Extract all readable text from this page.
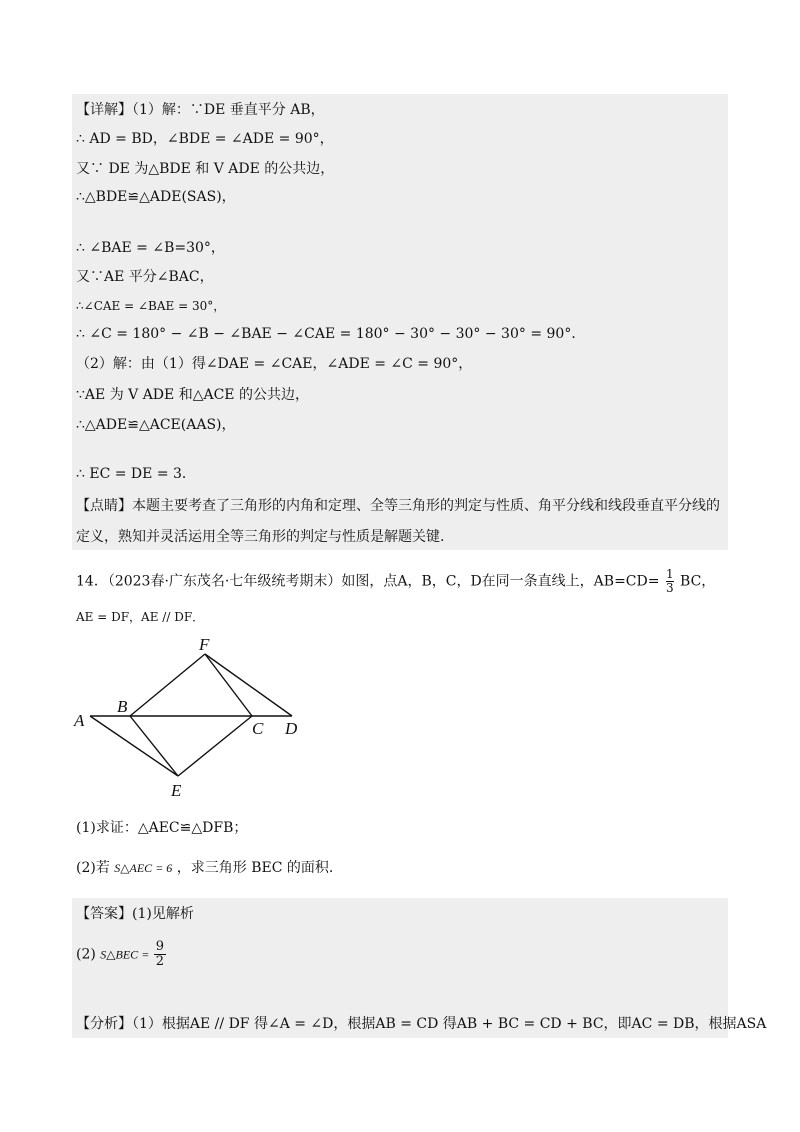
【详解】（1）解：∵DE 垂直平分 AB，
∴ AD = BD，∠BDE = ∠ADE = 90°，
又∵ DE 为△BDE 和 V ADE 的公共边，
∴△BDE≌△ADE(SAS)，
∴ ∠BAE = ∠B=30°，
又∵AE 平分∠BAC，
∴∠CAE = ∠BAE = 30°，
∴ ∠C = 180° − ∠B − ∠BAE − ∠CAE = 180° − 30° − 30° − 30° = 90°．
（2）解：由（1）得∠DAE = ∠CAE，∠ADE = ∠C = 90°，
∵AE 为 V ADE 和△ACE 的公共边，
∴△ADE≌△ACE(AAS)，
∴ EC = DE = 3．
【点睛】本题主要考查了三角形的内角和定理、全等三角形的判定与性质、角平分线和线段垂直平分线的
定义，熟知并灵活运用全等三角形的判定与性质是解题关键.
14．（2023春·广东茂名·七年级统考期末）如图，点A，B，C，D在同一条直线上，$AB=CD= \frac{1}{3}$ BC，
AE = DF，AE // DF．
A
B
C D
E
F
(1)求证：△AEC≌△DFB；
(2)若 S△AEC = 6 ，求三角形 BEC 的面积.
【答案】(1)见解析
(2) S△BEC = $\frac{9}{2}$
【分析】（1）根据AE // DF 得∠A = ∠D，根据AB = CD 得AB + BC = CD + BC，即AC = DB，根据ASA
